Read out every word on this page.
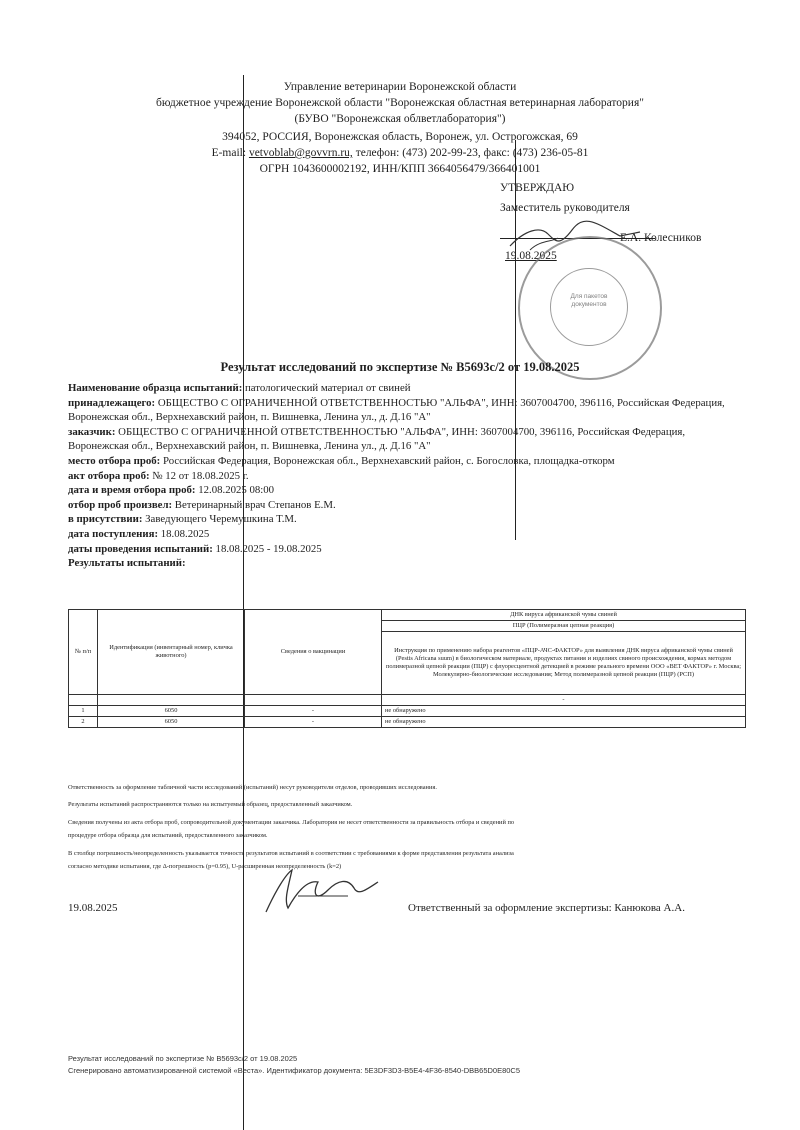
Управление ветеринарии Воронежской области
бюджетное учреждение Воронежской области "Воронежская областная ветеринарная лаборатория"
(БУВО "Воронежская облветлаборатория")
394052, РОССИЯ, Воронежская область, Воронеж, ул. Острогожская, 69
E-mail: vetvoblab@govvrn.ru, телефон: (473) 202-99-23, факс: (473) 236-05-81
ОГРН 1043600002192, ИНН/КПП 3664056479/366401001
УТВЕРЖДАЮ
Заместитель руководителя
Е.А. Колесников
19.08.2025
Для пакетов документов
Результат исследований по экспертизе № В5693с/2 от 19.08.2025
Наименование образца испытаний: патологический материал от свиней
принадлежащего: ОБЩЕСТВО С ОГРАНИЧЕННОЙ ОТВЕТСТВЕННОСТЬЮ "АЛЬФА", ИНН: 3607004700, 396116, Российская Федерация, Воронежская обл., Верхнехавский район, п. Вишневка, Ленина ул., д. Д.16 "А"
заказчик: ОБЩЕСТВО С ОГРАНИЧЕННОЙ ОТВЕТСТВЕННОСТЬЮ "АЛЬФА", ИНН: 3607004700, 396116, Российская Федерация, Воронежская обл., Верхнехавский район, п. Вишневка, Ленина ул., д. Д.16 "А"
место отбора проб: Российская Федерация, Воронежская обл., Верхнехавский район, с. Богословка, площадка-откорм
акт отбора проб: № 12 от 18.08.2025 г.
дата и время отбора проб: 12.08.2025 08:00
отбор проб произвел: Ветеринарный врач Степанов Е.М.
в присутствии: Заведующего Черемушкина Т.М.
дата поступления: 18.08.2025
даты проведения испытаний: 18.08.2025 - 19.08.2025
Результаты испытаний:
№ п/п	Идентификация (инвентарный номер, кличка животного)	Сведения о вакцинации	ДНК вируса африканской чумы свиней
			ПЦР (Полимеразная цепная реакция)
			Инструкция по применению набора реагентов «ПЦР-АЧС-ФАКТОР» для выявления ДНК вируса африканской чумы свиней (Pestis Africana suum) в биологическом материале, продуктах питания и изделиях свиного происхождения, кормах методом полимеразной цепной реакции (ПЦР) с флуоресцентной детекцией в режиме реального времени ООО «ВЕТ ФАКТОР» г. Москва; Молекулярно-биологические исследования; Метод полимеразной цепной реакции (ПЦР) (РСП)
			-
1	6050	-	не обнаружено
2	6050	-	не обнаружено
Ответственность за оформление табличной части исследований (испытаний) несут руководители отделов, проводивших исследования.
Результаты испытаний распространяются только на испытуемый образец, предоставленный заказчиком.
Сведения получены из акта отбора проб, сопроводительной документации заказчика. Лаборатория не несет ответственности за правильность отбора и сведений по
процедуре отбора образца для испытаний, предоставленного заказчиком.
В столбце погрешность/неопределенность указывается точность результатов испытаний в соответствии с требованиями к форме представления результата анализа
согласно методике испытания, где Δ-погрешность (p=0.95), U-расширенная неопределенность (k=2)
19.08.2025	Ответственный за оформление экспертизы: Канюкова А.А.
Результат исследований по экспертизе № В5693с/2 от 19.08.2025
Сгенерировано автоматизированной системой «Веста». Идентификатор документа: 5E3DF3D3-B5E4-4F36-8540-DBB65D0E80C5
